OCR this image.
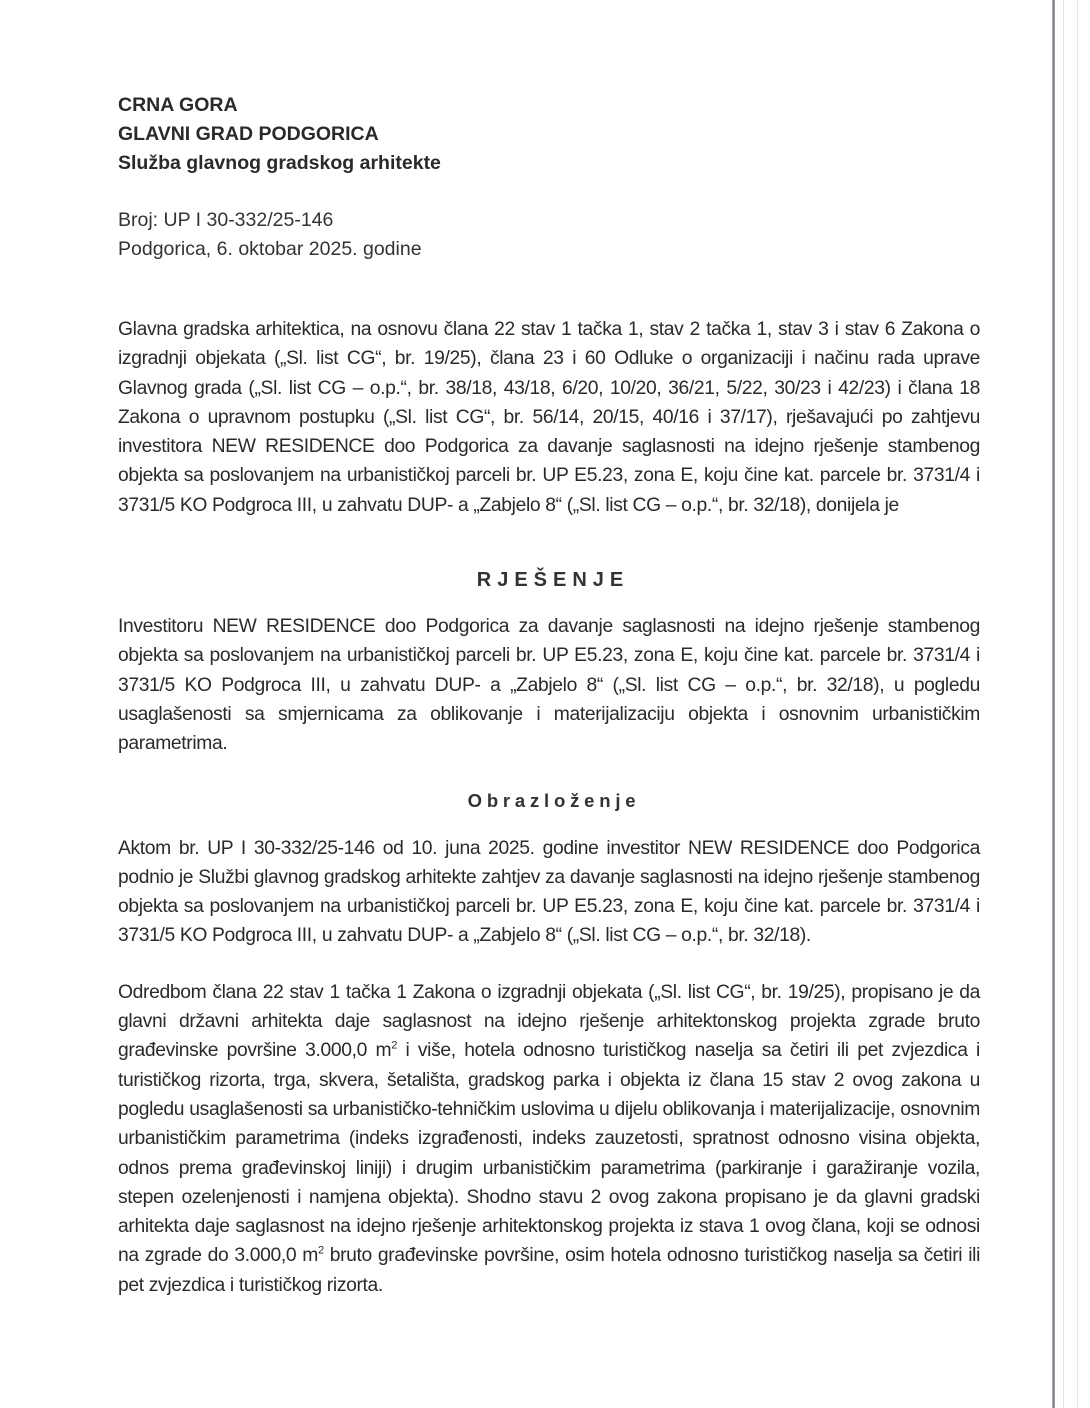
CRNA GORA

GLAVNI GRAD PODGORICA

Služba glavnog gradskog arhitekte

Broj: UP I 30-332/25-146

Podgorica, 6. oktobar 2025. godine

Glavna gradska arhitektica, na osnovu člana 22 stav 1 tačka 1, stav 2 tačka 1, stav 3 i stav 6 Zakona o izgradnji objekata („Sl. list CG“, br. 19/25), člana 23 i 60 Odluke o organizaciji i načinu rada uprave Glavnog grada („Sl. list CG – o.p.“, br. 38/18, 43/18, 6/20, 10/20, 36/21, 5/22, 30/23 i 42/23) i člana 18 Zakona o upravnom postupku („Sl. list CG“, br. 56/14, 20/15, 40/16 i 37/17), rješavajući po zahtjevu investitora NEW RESIDENCE doo Podgorica za davanje saglasnosti na idejno rješenje stambenog objekta sa poslovanjem na urbanističkoj parceli br. UP E5.23, zona E, koju čine kat. parcele br. 3731/4 i 3731/5 KO Podgroca III, u zahvatu DUP- a „Zabjelo 8“ („Sl. list CG – o.p.“, br. 32/18), donijela je

RJEŠENJE

Investitoru NEW RESIDENCE doo Podgorica za davanje saglasnosti na idejno rješenje stambenog objekta sa poslovanjem na urbanističkoj parceli br. UP E5.23, zona E, koju čine kat. parcele br. 3731/4 i 3731/5 KO Podgroca III, u zahvatu DUP- a „Zabjelo 8“ („Sl. list CG – o.p.“, br. 32/18), u pogledu usaglašenosti sa smjernicama za oblikovanje i materijalizaciju objekta i osnovnim urbanističkim parametrima.

Obrazloženje

Aktom br. UP I 30-332/25-146 od 10. juna 2025. godine investitor NEW RESIDENCE doo Podgorica podnio je Službi glavnog gradskog arhitekte zahtjev za davanje saglasnosti na idejno rješenje stambenog objekta sa poslovanjem na urbanističkoj parceli br. UP E5.23, zona E, koju čine kat. parcele br. 3731/4 i 3731/5 KO Podgroca III, u zahvatu DUP- a „Zabjelo 8“ („Sl. list CG – o.p.“, br. 32/18).

Odredbom člana 22 stav 1 tačka 1 Zakona o izgradnji objekata („Sl. list CG“, br. 19/25), propisano je da glavni državni arhitekta daje saglasnost na idejno rješenje arhitektonskog projekta zgrade bruto građevinske površine 3.000,0 $m^2$ i više, hotela odnosno turističkog naselja sa četiri ili pet zvjezdica i turističkog rizorta, trga, skvera, šetališta, gradskog parka i objekta iz člana 15 stav 2 ovog zakona u pogledu usaglašenosti sa urbanističko-tehničkim uslovima u dijelu oblikovanja i materijalizacije, osnovnim urbanističkim parametrima (indeks izgrađenosti, indeks zauzetosti, spratnost odnosno visina objekta, odnos prema građevinskoj liniji) i drugim urbanističkim parametrima (parkiranje i garažiranje vozila, stepen ozelenjenosti i namjena objekta). Shodno stavu 2 ovog zakona propisano je da glavni gradski arhitekta daje saglasnost na idejno rješenje arhitektonskog projekta iz stava 1 ovog člana, koji se odnosi na zgrade do 3.000,0 $m^2$ bruto građevinske površine, osim hotela odnosno turističkog naselja sa četiri ili pet zvjezdica i turističkog rizorta.
